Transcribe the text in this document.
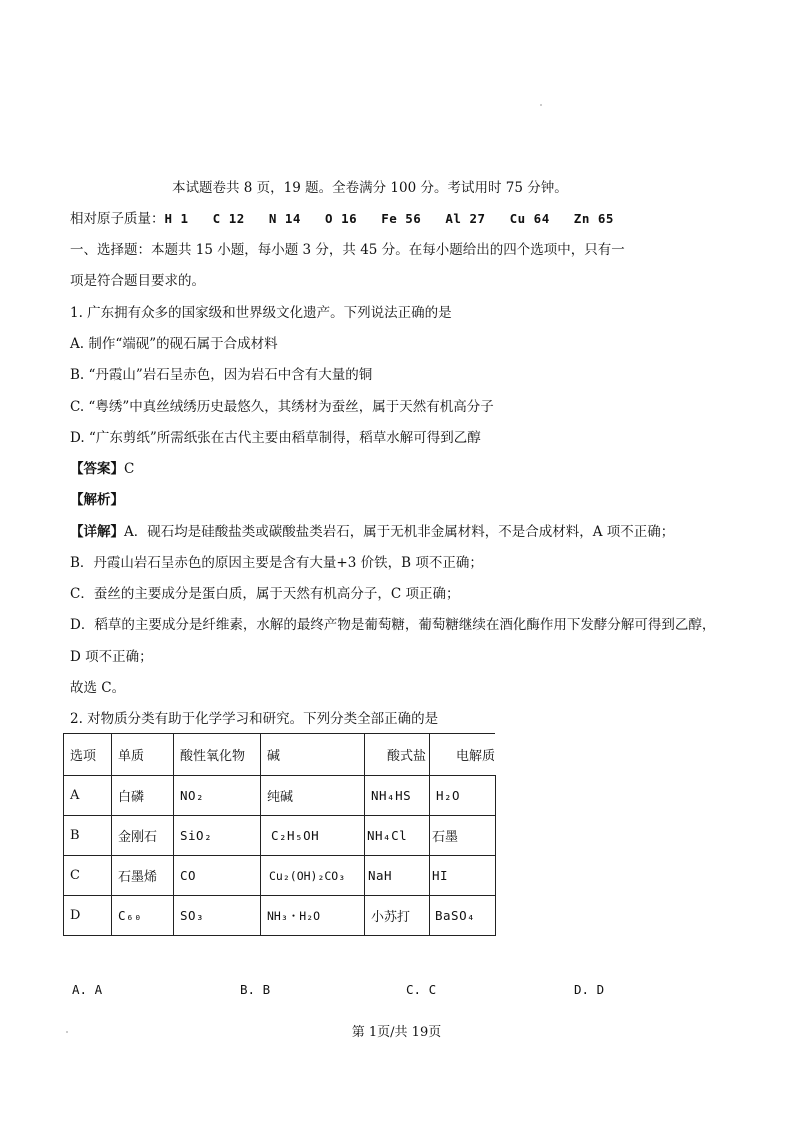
本试题卷共 8 页，19 题。全卷满分 100 分。考试用时 75 分钟。
相对原子质量：H 1   C 12   N 14   O 16   Fe 56   Al 27   Cu 64   Zn 65
一、选择题：本题共 15 小题，每小题 3 分，共 45 分。在每小题给出的四个选项中，只有一
项是符合题目要求的。
1. 广东拥有众多的国家级和世界级文化遗产。下列说法正确的是
A. 制作“端砚”的砚石属于合成材料
B. “丹霞山”岩石呈赤色，因为岩石中含有大量的铜
C. “粤绣”中真丝绒绣历史最悠久，其绣材为蚕丝，属于天然有机高分子
D. “广东剪纸”所需纸张在古代主要由稻草制得，稻草水解可得到乙醇
【答案】C
【解析】
【详解】A．砚石均是硅酸盐类或碳酸盐类岩石，属于无机非金属材料，不是合成材料，A 项不正确；
B．丹霞山岩石呈赤色的原因主要是含有大量+3 价铁，B 项不正确；
C．蚕丝的主要成分是蛋白质，属于天然有机高分子，C 项正确；
D．稻草的主要成分是纤维素，水解的最终产物是葡萄糖，葡萄糖继续在酒化酶作用下发酵分解可得到乙醇，
D 项不正确；
故选 C。
2. 对物质分类有助于化学学习和研究。下列分类全部正确的是
选项	单质	酸性氧化物	碱	酸式盐	电解质
A	白磷	NO₂	纯碱	NH₄HS	H₂O
B	金刚石	SiO₂	C₂H₅OH	NH₄Cl	石墨
C	石墨烯	CO	Cu₂(OH)₂CO₃	NaH	HI
D	C₆₀	SO₃	NH₃・H₂O	小苏打	BaSO₄
A. A	B. B	C. C	D. D
第 1页/共 19页
